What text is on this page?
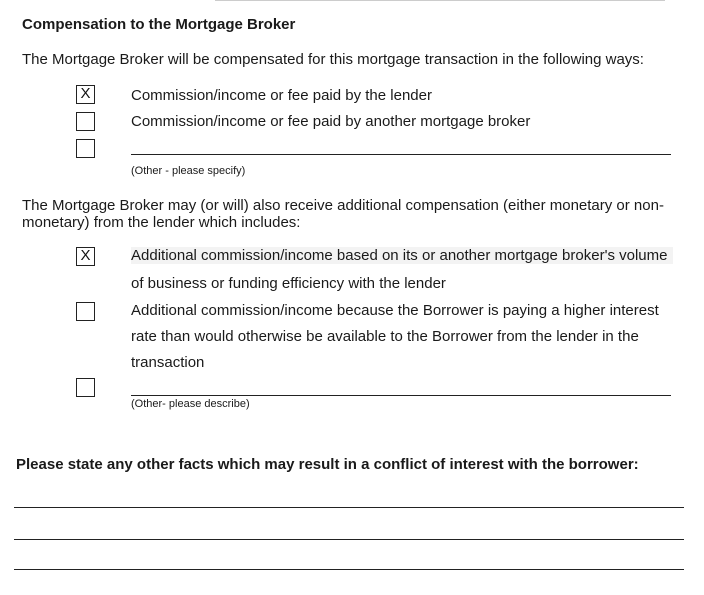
Compensation to the Mortgage Broker
The Mortgage Broker will be compensated for this mortgage transaction in the following ways:
X	Commission/income or fee paid by the lender
Commission/income or fee paid by another mortgage broker
(Other - please specify)
The Mortgage Broker may (or will) also receive additional compensation (either monetary or non-
monetary) from the lender which includes:
X	Additional commission/income based on its or another mortgage broker's volume
of business or funding efficiency with the lender
Additional commission/income because the Borrower is paying a higher interest
rate than would otherwise be available to the Borrower from the lender in the
transaction
(Other- please describe)
Please state any other facts which may result in a conflict of interest with the borrower:
